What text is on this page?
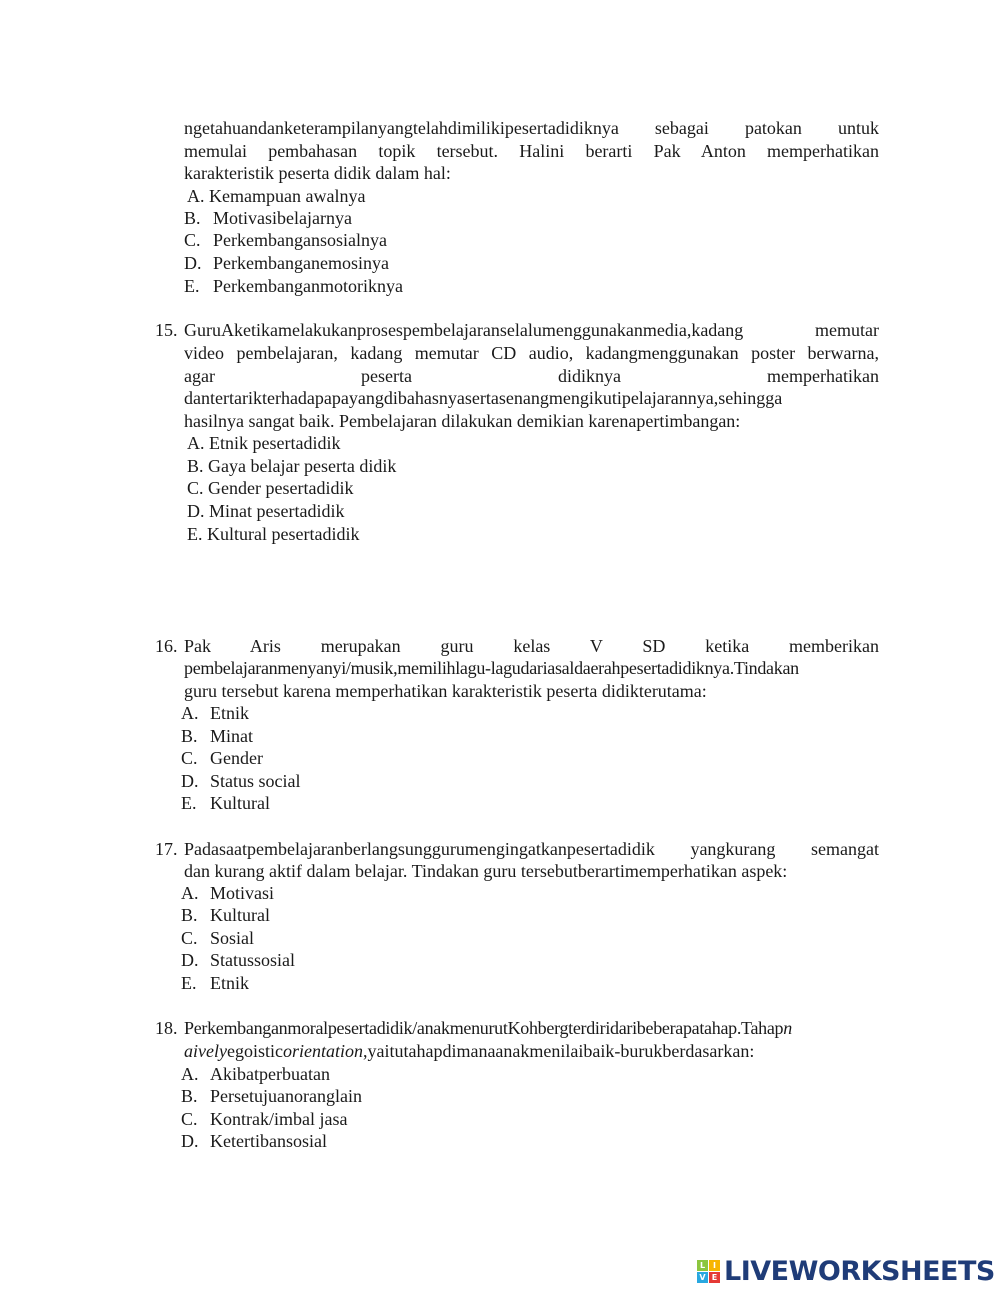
ngetahuandanketerampilanyangtelahdimilikipesertadidiknya sebagai patokan untuk
memulai pembahasan topik tersebut. Halini berarti Pak Anton memperhatikan
karakteristik peserta didik dalam hal:
A. Kemampuan awalnya
B. Motivasibelajarnya
C. Perkembangansosialnya
D. Perkembanganemosinya
E. Perkembanganmotoriknya
15. GuruAketikamelakukanprosespembelajaranselalumenggunakanmedia,kadang memutar
video pembelajaran, kadang memutar CD audio, kadangmenggunakan poster berwarna,
agar peserta didiknya memperhatikan
dantertarikterhadapapayangdibahasnyasertasenangmengikutipelajarannya,sehingga
hasilnya sangat baik. Pembelajaran dilakukan demikian karenapertimbangan:
A. Etnik pesertadidik
B. Gaya belajar peserta didik
C. Gender pesertadidik
D. Minat pesertadidik
E. Kultural pesertadidik
16. Pak Aris merupakan guru kelas V SD ketika memberikan
pembelajaranmenyanyi/musik,memilihlagu-lagudariasaldaerahpesertadidiknya.Tindakan
guru tersebut karena memperhatikan karakteristik peserta didikterutama:
A. Etnik
B. Minat
C. Gender
D. Status social
E. Kultural
17. Padasaatpembelajaranberlangsunggurumengingatkanpesertadidik yangkurang semangat
dan kurang aktif dalam belajar. Tindakan guru tersebutberartimemperhatikan aspek:
A. Motivasi
B. Kultural
C. Sosial
D. Statussosial
E. Etnik
18. Perkembanganmoralpesertadidik/anakmenurutKohbergterdiridaribeberapatahap.Tahapn
aivelyegoisticorientation,yaitutahapdimanaanakmenilaibaik-burukberdasarkan:
A. Akibatperbuatan
B. Persetujuanoranglain
C. Kontrak/imbal jasa
D. Ketertibansosial
L I
V E LIVEWORKSHEETS
